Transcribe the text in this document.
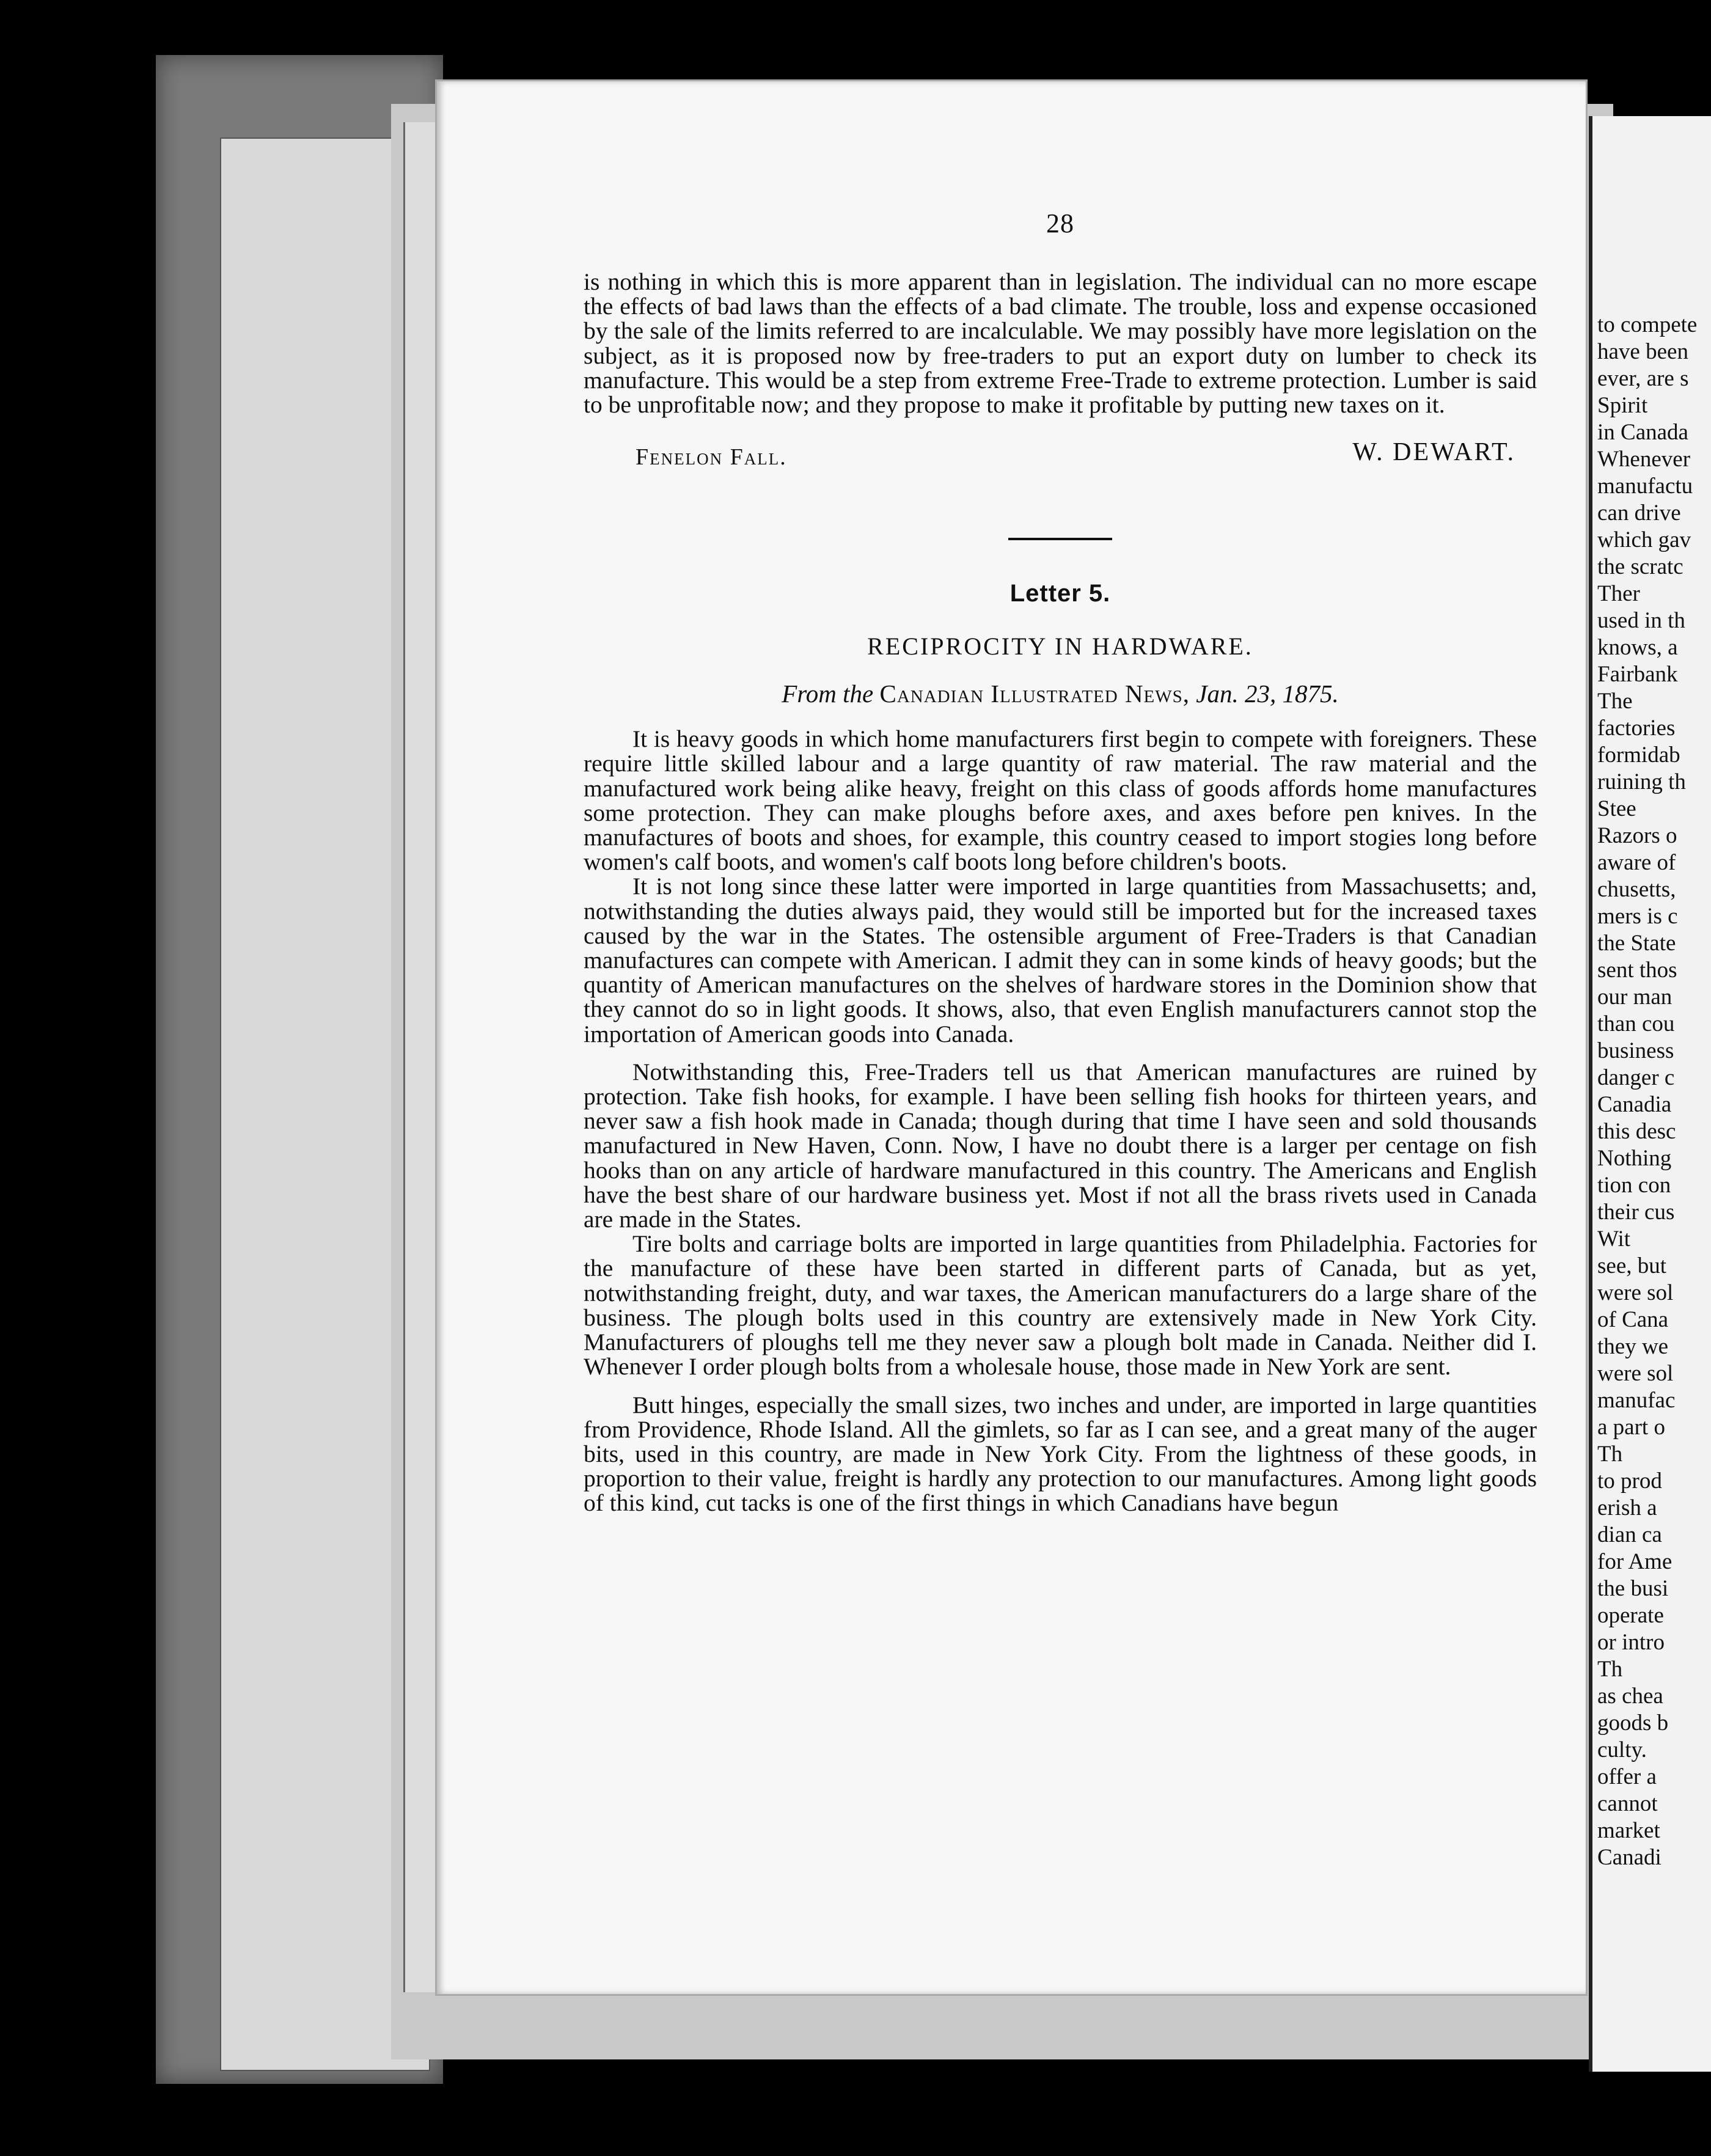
28

is nothing in which this is more apparent than in legislation. The individual can no more escape the effects of bad laws than the effects of a bad climate. The trouble, loss and expense occasioned by the sale of the limits referred to are incalculable. We may possibly have more legislation on the subject, as it is proposed now by free-traders to put an export duty on lumber to check its manufacture. This would be a step from extreme Free-Trade to extreme protection. Lumber is said to be unprofitable now; and they propose to make it profitable by putting new taxes on it.

Fenelon Fall.	W. DEWART.
Letter 5.
RECIPROCITY IN HARDWARE.
From the Canadian Illustrated News, Jan. 23, 1875.

It is heavy goods in which home manufacturers first begin to compete with foreigners. These require little skilled labour and a large quantity of raw material. The raw material and the manufactured work being alike heavy, freight on this class of goods affords home manufactures some protection. They can make ploughs before axes, and axes before pen knives. In the manufactures of boots and shoes, for example, this country ceased to import stogies long before women's calf boots, and women's calf boots long before children's boots.

It is not long since these latter were imported in large quantities from Massachusetts; and, notwithstanding the duties always paid, they would still be imported but for the increased taxes caused by the war in the States. The ostensible argument of Free-Traders is that Canadian manufactures can compete with American. I admit they can in some kinds of heavy goods; but the quantity of American manufactures on the shelves of hardware stores in the Dominion show that they cannot do so in light goods. It shows, also, that even English manufacturers cannot stop the importation of American goods into Canada.

Notwithstanding this, Free-Traders tell us that American manufactures are ruined by protection. Take fish hooks, for example. I have been selling fish hooks for thirteen years, and never saw a fish hook made in Canada; though during that time I have seen and sold thousands manufactured in New Haven, Conn. Now, I have no doubt there is a larger per centage on fish hooks than on any article of hardware manufactured in this country. The Americans and English have the best share of our hardware business yet. Most if not all the brass rivets used in Canada are made in the States.

Tire bolts and carriage bolts are imported in large quantities from Philadelphia. Factories for the manufacture of these have been started in different parts of Canada, but as yet, notwithstanding freight, duty, and war taxes, the American manufacturers do a large share of the business. The plough bolts used in this country are extensively made in New York City. Manufacturers of ploughs tell me they never saw a plough bolt made in Canada. Neither did I. Whenever I order plough bolts from a wholesale house, those made in New York are sent.

Butt hinges, especially the small sizes, two inches and under, are imported in large quantities from Providence, Rhode Island. All the gimlets, so far as I can see, and a great many of the auger bits, used in this country, are made in New York City. From the lightness of these goods, in proportion to their value, freight is hardly any protection to our manufactures. Among light goods of this kind, cut tacks is one of the first things in which Canadians have begun

to compete
have been
ever, are s
Spirit
in Canada
Whenever
manufactu
can drive
which gav
the scratc
Ther
used in th
knows, a
Fairbank
The
factories
formidab
ruining th
Stee
Razors o
aware of
chusetts,
mers is c
the State
sent thos
our man
than cou
business
danger c
Canadia
this desc
Nothing
tion con
their cus
Wit
see, but
were sol
of Cana
they we
were sol
manufac
a part o
Th
to prod
erish a
dian ca
for Ame
the busi
operate
or intro
Th
as chea
goods b
culty.
offer a
cannot
market
Canadi
